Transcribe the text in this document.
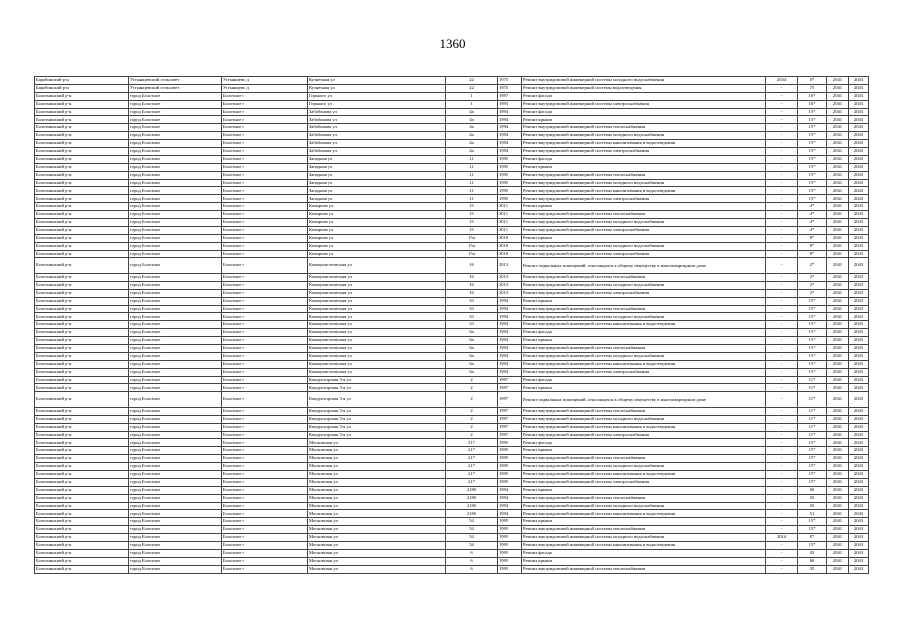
1360
Барабинский р-н	Устьянцевский сельсовет	Устьянцево д	Кузнечная ул	22	1975	Ремонт внутридомовой инженерной системы холодного водоснабжения	2034	0*	2041	2043
Барабинский р-н	Устьянцевский сельсовет	Устьянцево д	Кузнечная ул	22	1975	Ремонт внутридомовой инженерной системы водоотведения	-	75	2041	2043
Болотнинский р-н	город Болотное	Болотное г	Горького ул	1	1997	Ремонт фасада	-	16*	2041	2043
Болотнинский р-н	город Болотное	Болотное г	Горького ул	1	1993	Ремонт внутридомовой инженерной системы электроснабжения	-	16*	2041	2043
Болотнинский р-н	город Болотное	Болотное г	Забабонова ул	4а	1994	Ремонт фасада	-	15*	2041	2043
Болотнинский р-н	город Болотное	Болотное г	Забабонова ул	4а	1994	Ремонт крыши	-	15*	2041	2043
Болотнинский р-н	город Болотное	Болотное г	Забабонова ул	4а	1994	Ремонт внутридомовой инженерной системы теплоснабжения	-	15*	2041	2043
Болотнинский р-н	город Болотное	Болотное г	Забабонова ул	4а	1994	Ремонт внутридомовой инженерной системы холодного водоснабжения	-	15*	2041	2043
Болотнинский р-н	город Болотное	Болотное г	Забабонова ул	4а	1994	Ремонт внутридомовой инженерной системы канализования и водоотведения	-	15*	2041	2043
Болотнинский р-н	город Болотное	Болотное г	Забабонова ул	4а	1994	Ремонт внутридомовой инженерной системы электроснабжения	-	15*	2041	2043
Болотнинский р-н	город Болотное	Болотное г	Западная ул	11	1995	Ремонт фасада	-	15*	2041	2043
Болотнинский р-н	город Болотное	Болотное г	Западная ул	11	1995	Ремонт крыши	-	15*	2041	2043
Болотнинский р-н	город Болотное	Болотное г	Западная ул	11	1995	Ремонт внутридомовой инженерной системы теплоснабжения	-	15*	2041	2043
Болотнинский р-н	город Болотное	Болотное г	Западная ул	11	1995	Ремонт внутридомовой инженерной системы холодного водоснабжения	-	15*	2041	2043
Болотнинский р-н	город Болотное	Болотное г	Западная ул	11	1995	Ремонт внутридомовой инженерной системы канализования и водоотведения	-	15*	2041	2043
Болотнинский р-н	город Болотное	Болотное г	Западная ул	11	1995	Ремонт внутридомовой инженерной системы электроснабжения	-	15*	2041	2043
Болотнинский р-н	город Болотное	Болотное г	Комарова ул	15	2011	Ремонт крыши	-	4*	2041	2043
Болотнинский р-н	город Болотное	Болотное г	Комарова ул	15	2011	Ремонт внутридомовой инженерной системы теплоснабжения	-	4*	2041	2043
Болотнинский р-н	город Болотное	Болотное г	Комарова ул	15	2011	Ремонт внутридомовой инженерной системы холодного водоснабжения	-	4*	2041	2043
Болотнинский р-н	город Болотное	Болотное г	Комарова ул	15	2011	Ремонт внутридомовой инженерной системы электроснабжения	-	4*	2041	2043
Болотнинский р-н	город Болотное	Болотное г	Комарова ул	15а	2010	Ремонт крыши	-	8*	2041	2043
Болотнинский р-н	город Болотное	Болотное г	Комарова ул	15а	2010	Ремонт внутридомовой инженерной системы холодного водоснабжения	-	8*	2041	2043
Болотнинский р-н	город Болотное	Болотное г	Комарова ул	15а	2010	Ремонт внутридомовой инженерной системы электроснабжения	-	8*	2041	2043
Болотнинский р-н	город Болотное	Болотное г	Коммунистическая ул	16	2013	Ремонт подвальных помещений, относящихся к общему имуществу в многоквартирном доме	-	2*	2041	2043
Болотнинский р-н	город Болотное	Болотное г	Коммунистическая ул	16	2013	Ремонт внутридомовой инженерной системы теплоснабжения	-	2*	2041	2043
Болотнинский р-н	город Болотное	Болотное г	Коммунистическая ул	16	2013	Ремонт внутридомовой инженерной системы холодного водоснабжения	-	2*	2041	2043
Болотнинский р-н	город Болотное	Болотное г	Коммунистическая ул	16	2013	Ремонт внутридомовой инженерной системы электроснабжения	-	2*	2041	2043
Болотнинский р-н	город Болотное	Болотное г	Коммунистическая ул	33	1994	Ремонт крыши	-	15*	2041	2043
Болотнинский р-н	город Болотное	Болотное г	Коммунистическая ул	33	1994	Ремонт внутридомовой инженерной системы теплоснабжения	-	15*	2041	2043
Болотнинский р-н	город Болотное	Болотное г	Коммунистическая ул	33	1994	Ремонт внутридомовой инженерной системы холодного водоснабжения	-	15*	2041	2043
Болотнинский р-н	город Болотное	Болотное г	Коммунистическая ул	33	1994	Ремонт внутридомовой инженерной системы канализования и водоотведения	-	15*	2041	2043
Болотнинский р-н	город Болотное	Болотное г	Коммунистическая ул	6а	1994	Ремонт фасада	-	15*	2041	2043
Болотнинский р-н	город Болотное	Болотное г	Коммунистическая ул	6а	1994	Ремонт крыши	-	15*	2041	2043
Болотнинский р-н	город Болотное	Болотное г	Коммунистическая ул	6а	1994	Ремонт внутридомовой инженерной системы теплоснабжения	-	15*	2041	2043
Болотнинский р-н	город Болотное	Болотное г	Коммунистическая ул	6а	1994	Ремонт внутридомовой инженерной системы холодного водоснабжения	-	15*	2041	2043
Болотнинский р-н	город Болотное	Болотное г	Коммунистическая ул	6а	1994	Ремонт внутридомовой инженерной системы канализования и водоотведения	-	15*	2041	2043
Болотнинский р-н	город Болотное	Болотное г	Коммунистическая ул	6а	1994	Ремонт внутридомовой инженерной системы электроснабжения	-	15*	2041	2043
Болотнинский р-н	город Болотное	Болотное г	Кондукторская 3-я ул	2	1997	Ремонт фасада	-	11*	2041	2043
Болотнинский р-н	город Болотное	Болотное г	Кондукторская 3-я ул	2	1997	Ремонт крыши	-	11*	2041	2043
Болотнинский р-н	город Болотное	Болотное г	Кондукторская 3-я ул	2	1997	Ремонт подвальных помещений, относящихся к общему имуществу в многоквартирном доме	-	11*	2041	2043
Болотнинский р-н	город Болотное	Болотное г	Кондукторская 3-я ул	2	1997	Ремонт внутридомовой инженерной системы теплоснабжения	-	11*	2041	2043
Болотнинский р-н	город Болотное	Болотное г	Кондукторская 3-я ул	2	1997	Ремонт внутридомовой инженерной системы холодного водоснабжения	-	11*	2041	2043
Болотнинский р-н	город Болотное	Болотное г	Кондукторская 3-я ул	2	1997	Ремонт внутридомовой инженерной системы канализования и водоотведения	-	11*	2041	2043
Болотнинский р-н	город Болотное	Болотное г	Кондукторская 3-я ул	2	1997	Ремонт внутридомовой инженерной системы электроснабжения	-	11*	2041	2043
Болотнинский р-н	город Болотное	Болотное г	Московская ул	217	1995	Ремонт фасада	-	15*	2041	2043
Болотнинский р-н	город Болотное	Болотное г	Московская ул	217	1995	Ремонт крыши	-	15*	2041	2043
Болотнинский р-н	город Болотное	Болотное г	Московская ул	217	1995	Ремонт внутридомовой инженерной системы теплоснабжения	-	15*	2041	2043
Болотнинский р-н	город Болотное	Болотное г	Московская ул	217	1995	Ремонт внутридомовой инженерной системы холодного водоснабжения	-	15*	2041	2043
Болотнинский р-н	город Болотное	Болотное г	Московская ул	217	1995	Ремонт внутридомовой инженерной системы канализования и водоотведения	-	15*	2041	2043
Болотнинский р-н	город Болотное	Болотное г	Московская ул	217	1995	Ремонт внутридомовой инженерной системы электроснабжения	-	15*	2041	2043
Болотнинский р-н	город Болотное	Болотное г	Московская ул	218б	1994	Ремонт крыши	-	60	2041	2043
Болотнинский р-н	город Болотное	Болотное г	Московская ул	218б	1994	Ремонт внутридомовой инженерной системы теплоснабжения	-	35	2041	2043
Болотнинский р-н	город Болотное	Болотное г	Московская ул	218б	1994	Ремонт внутридомовой инженерной системы холодного водоснабжения	-	35	2041	2043
Болотнинский р-н	город Болотное	Болотное г	Московская ул	218б	1994	Ремонт внутридомовой инженерной системы канализования и водоотведения	-	51	2041	2043
Болотнинский р-н	город Болотное	Болотное г	Московская ул	54	1995	Ремонт крыши	-	15*	2041	2043
Болотнинский р-н	город Болотное	Болотное г	Московская ул	54	1995	Ремонт внутридомовой инженерной системы теплоснабжения	-	15*	2041	2043
Болотнинский р-н	город Болотное	Болотное г	Московская ул	54	1995	Ремонт внутридомовой инженерной системы холодного водоснабжения	2014	0*	2041	2043
Болотнинский р-н	город Болотное	Болотное г	Московская ул	54	1995	Ремонт внутридомовой инженерной системы канализования и водоотведения	-	15*	2041	2043
Болотнинский р-н	город Болотное	Болотное г	Московская ул	6	1995	Ремонт фасада	-	43	2041	2043
Болотнинский р-н	город Болотное	Болотное г	Московская ул	6	1995	Ремонт крыши	-	60	2041	2043
Болотнинский р-н	город Болотное	Болотное г	Московская ул	6	1995	Ремонт внутридомовой инженерной системы теплоснабжения	-	35	2041	2043
